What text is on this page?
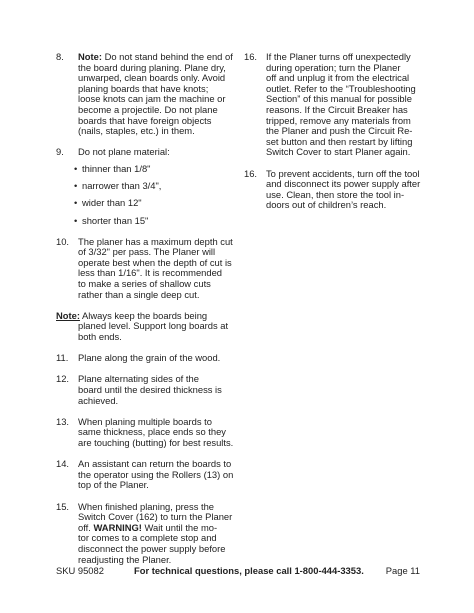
8.	Note: Do not stand behind the end of
the board during planing. Plane dry,
unwarped, clean boards only. Avoid
planing boards that have knots;
loose knots can jam the machine or
become a projectile. Do not plane
boards that have foreign objects
(nails, staples, etc.) in them.
9.	Do not plane material:
• thinner than 1/8"
• narrower than 3/4",
• wider than 12"
• shorter than 15"
10. The planer has a maximum depth cut
of 3/32" per pass. The Planer will
operate best when the depth of cut is
less than 1/16". It is recommended
to make a series of shallow cuts
rather than a single deep cut.
Note: Always keep the boards being
planed level. Support long boards at
both ends.
11.	Plane along the grain of the wood.
12. Plane alternating sides of the
board until the desired thickness is
achieved.
13. When planing multiple boards to
same thickness, place ends so they
are touching (butting) for best results.
14. An assistant can return the boards to
the operator using the Rollers (13) on
top of the Planer.
15. When finished planing, press the
Switch Cover (162) to turn the Planer
off. WARNING! Wait until the mo-
tor comes to a complete stop and
disconnect the power supply before
readjusting the Planer.
16. If the Planer turns off unexpectedly
during operation; turn the Planer
off and unplug it from the electrical
outlet. Refer to the “Troubleshooting
Section” of this manual for possible
reasons. If the Circuit Breaker has
tripped, remove any materials from
the Planer and push the Circuit Re-
set button and then restart by lifting
Switch Cover to start Planer again.
16. To prevent accidents, turn off the tool
and disconnect its power supply after
use. Clean, then store the tool in-
doors out of children’s reach.
SKU 95082	For technical questions, please call 1-800-444-3353. Page 11
